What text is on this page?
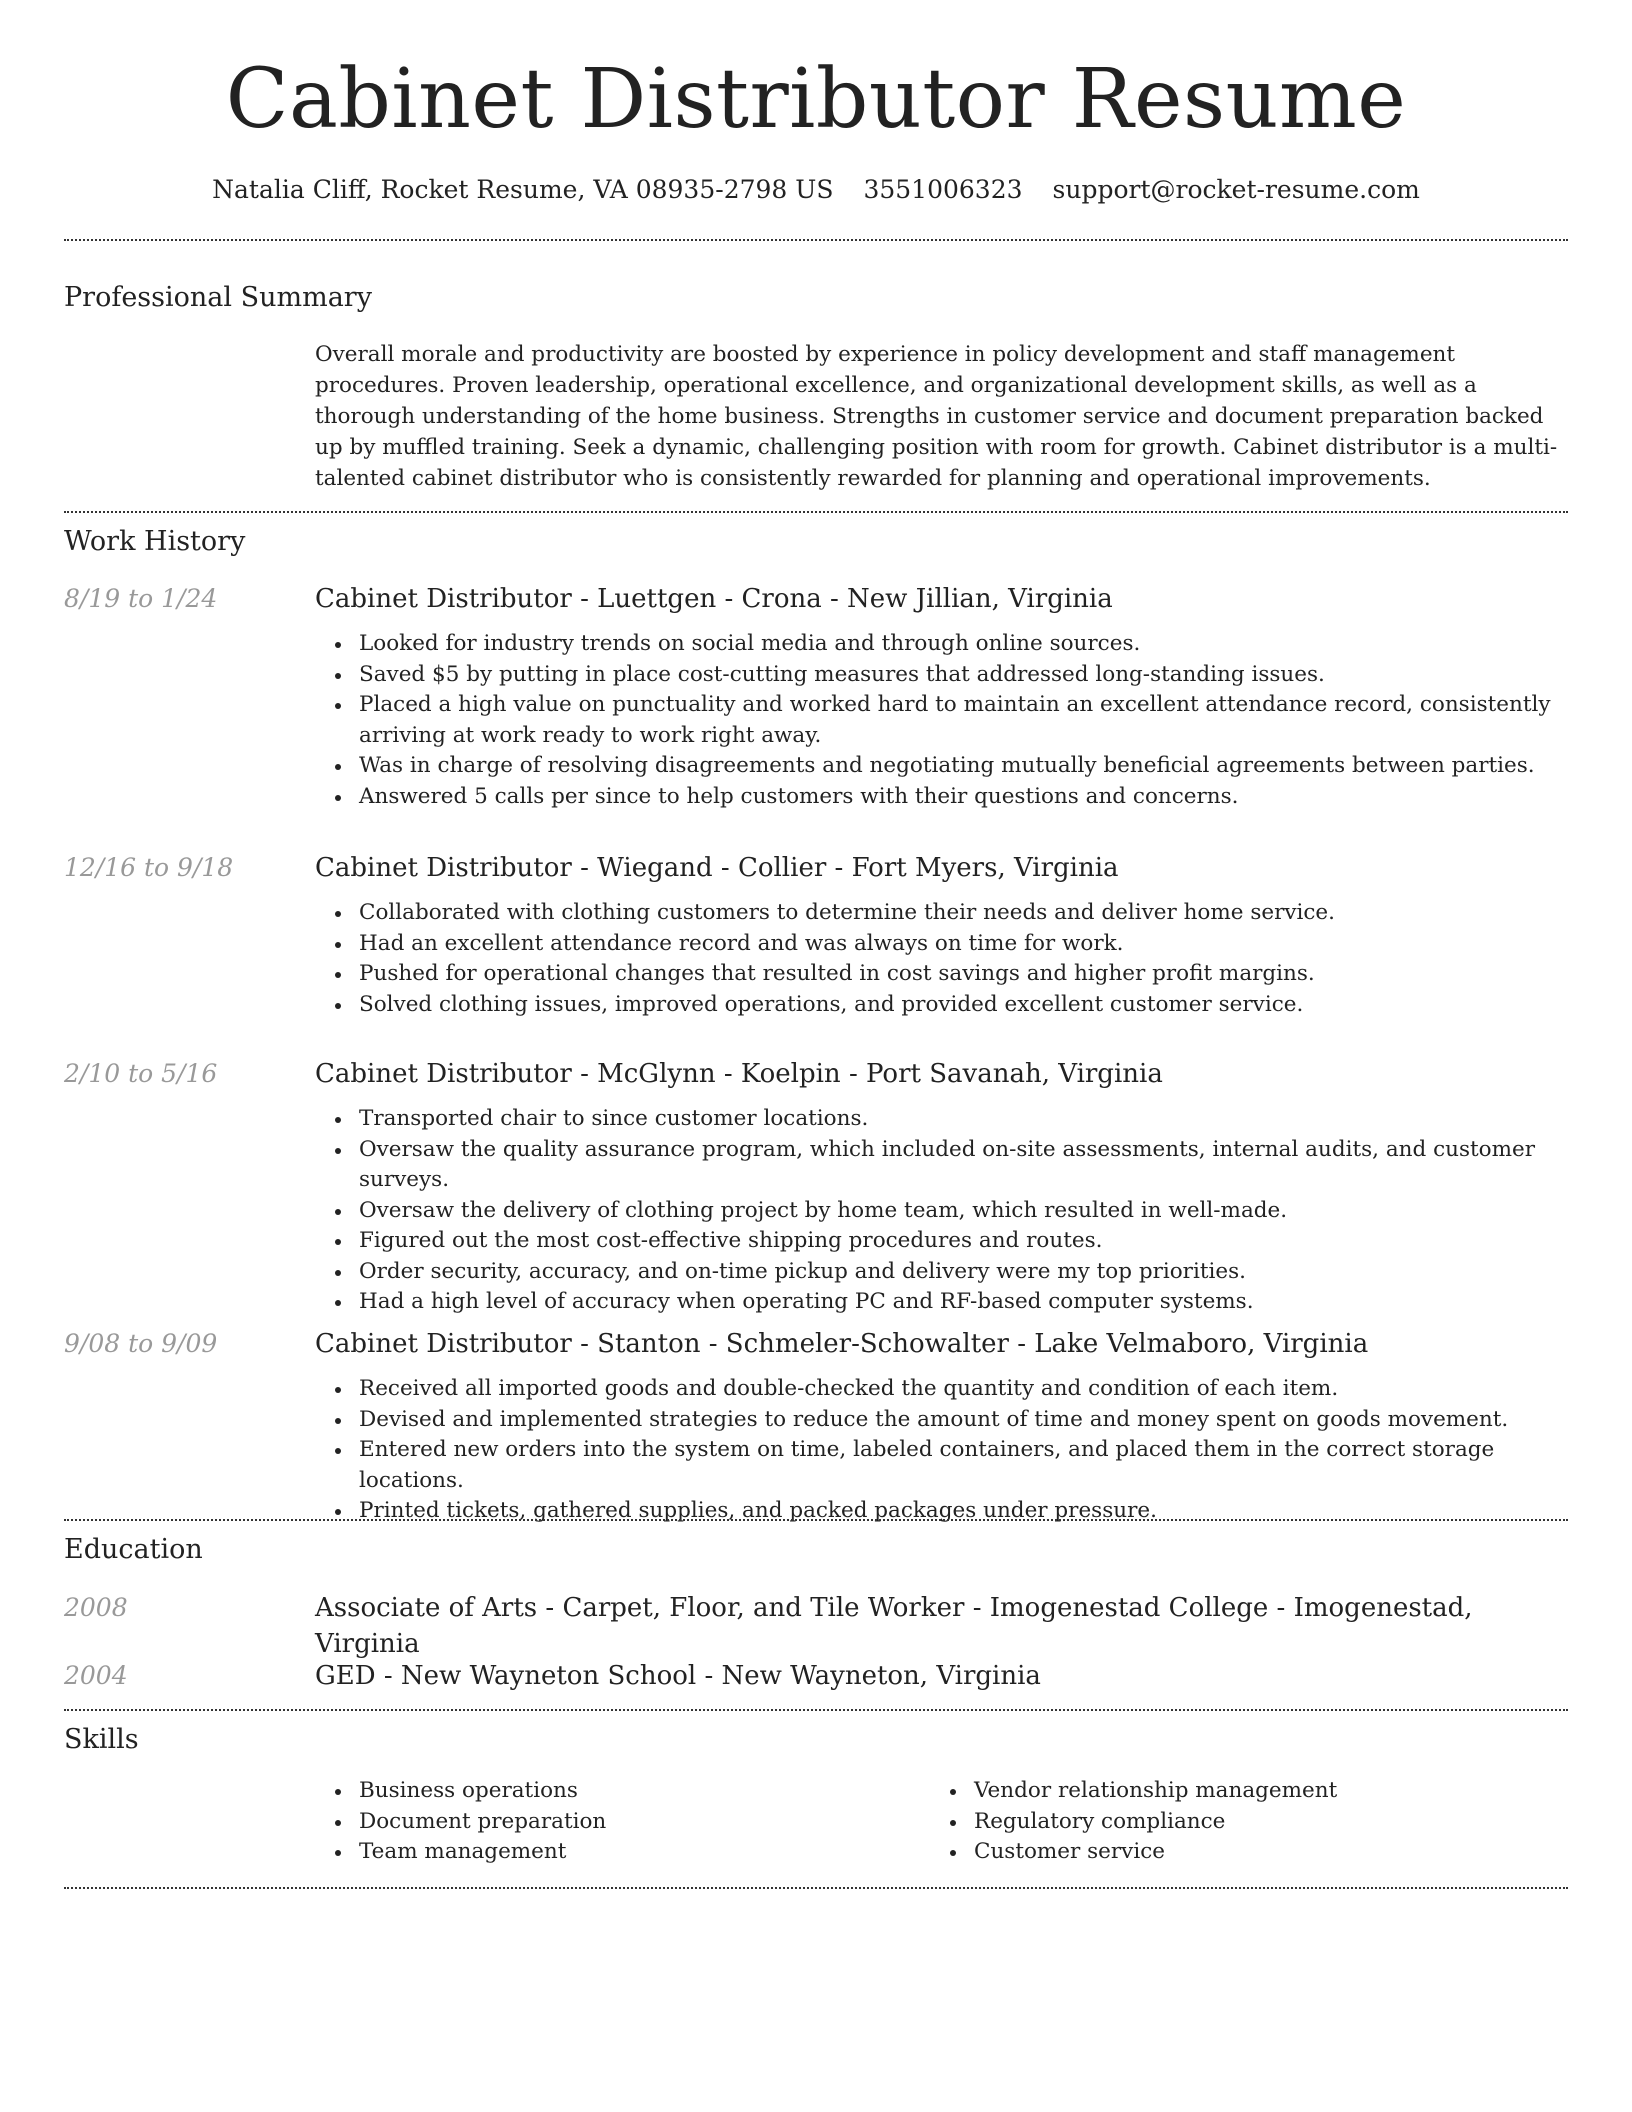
Cabinet Distributor Resume
Natalia Cliff, Rocket Resume, VA 08935-2798 US 3551006323 support@rocket-resume.com
Professional Summary
Overall morale and productivity are boosted by experience in policy development and staff management procedures. Proven leadership, operational excellence, and organizational development skills, as well as a thorough understanding of the home business. Strengths in customer service and document preparation backed up by muffled training. Seek a dynamic, challenging position with room for growth. Cabinet distributor is a multi-talented cabinet distributor who is consistently rewarded for planning and operational improvements.
Work History
8/19 to 1/24	Cabinet Distributor - Luettgen - Crona - New Jillian, Virginia
Looked for industry trends on social media and through online sources.
Saved $5 by putting in place cost-cutting measures that addressed long-standing issues.
Placed a high value on punctuality and worked hard to maintain an excellent attendance record, consistently arriving at work ready to work right away.
Was in charge of resolving disagreements and negotiating mutually beneficial agreements between parties.
Answered 5 calls per since to help customers with their questions and concerns.
12/16 to 9/18	Cabinet Distributor - Wiegand - Collier - Fort Myers, Virginia
Collaborated with clothing customers to determine their needs and deliver home service.
Had an excellent attendance record and was always on time for work.
Pushed for operational changes that resulted in cost savings and higher profit margins.
Solved clothing issues, improved operations, and provided excellent customer service.
2/10 to 5/16	Cabinet Distributor - McGlynn - Koelpin - Port Savanah, Virginia
Transported chair to since customer locations.
Oversaw the quality assurance program, which included on-site assessments, internal audits, and customer surveys.
Oversaw the delivery of clothing project by home team, which resulted in well-made.
Figured out the most cost-effective shipping procedures and routes.
Order security, accuracy, and on-time pickup and delivery were my top priorities.
Had a high level of accuracy when operating PC and RF-based computer systems.
9/08 to 9/09	Cabinet Distributor - Stanton - Schmeler-Schowalter - Lake Velmaboro, Virginia
Received all imported goods and double-checked the quantity and condition of each item.
Devised and implemented strategies to reduce the amount of time and money spent on goods movement.
Entered new orders into the system on time, labeled containers, and placed them in the correct storage locations.
Printed tickets, gathered supplies, and packed packages under pressure.
Education
2008	Associate of Arts - Carpet, Floor, and Tile Worker - Imogenestad College - Imogenestad, Virginia
2004	GED - New Wayneton School - New Wayneton, Virginia
Skills
Business operations
Document preparation
Team management
Vendor relationship management
Regulatory compliance
Customer service
